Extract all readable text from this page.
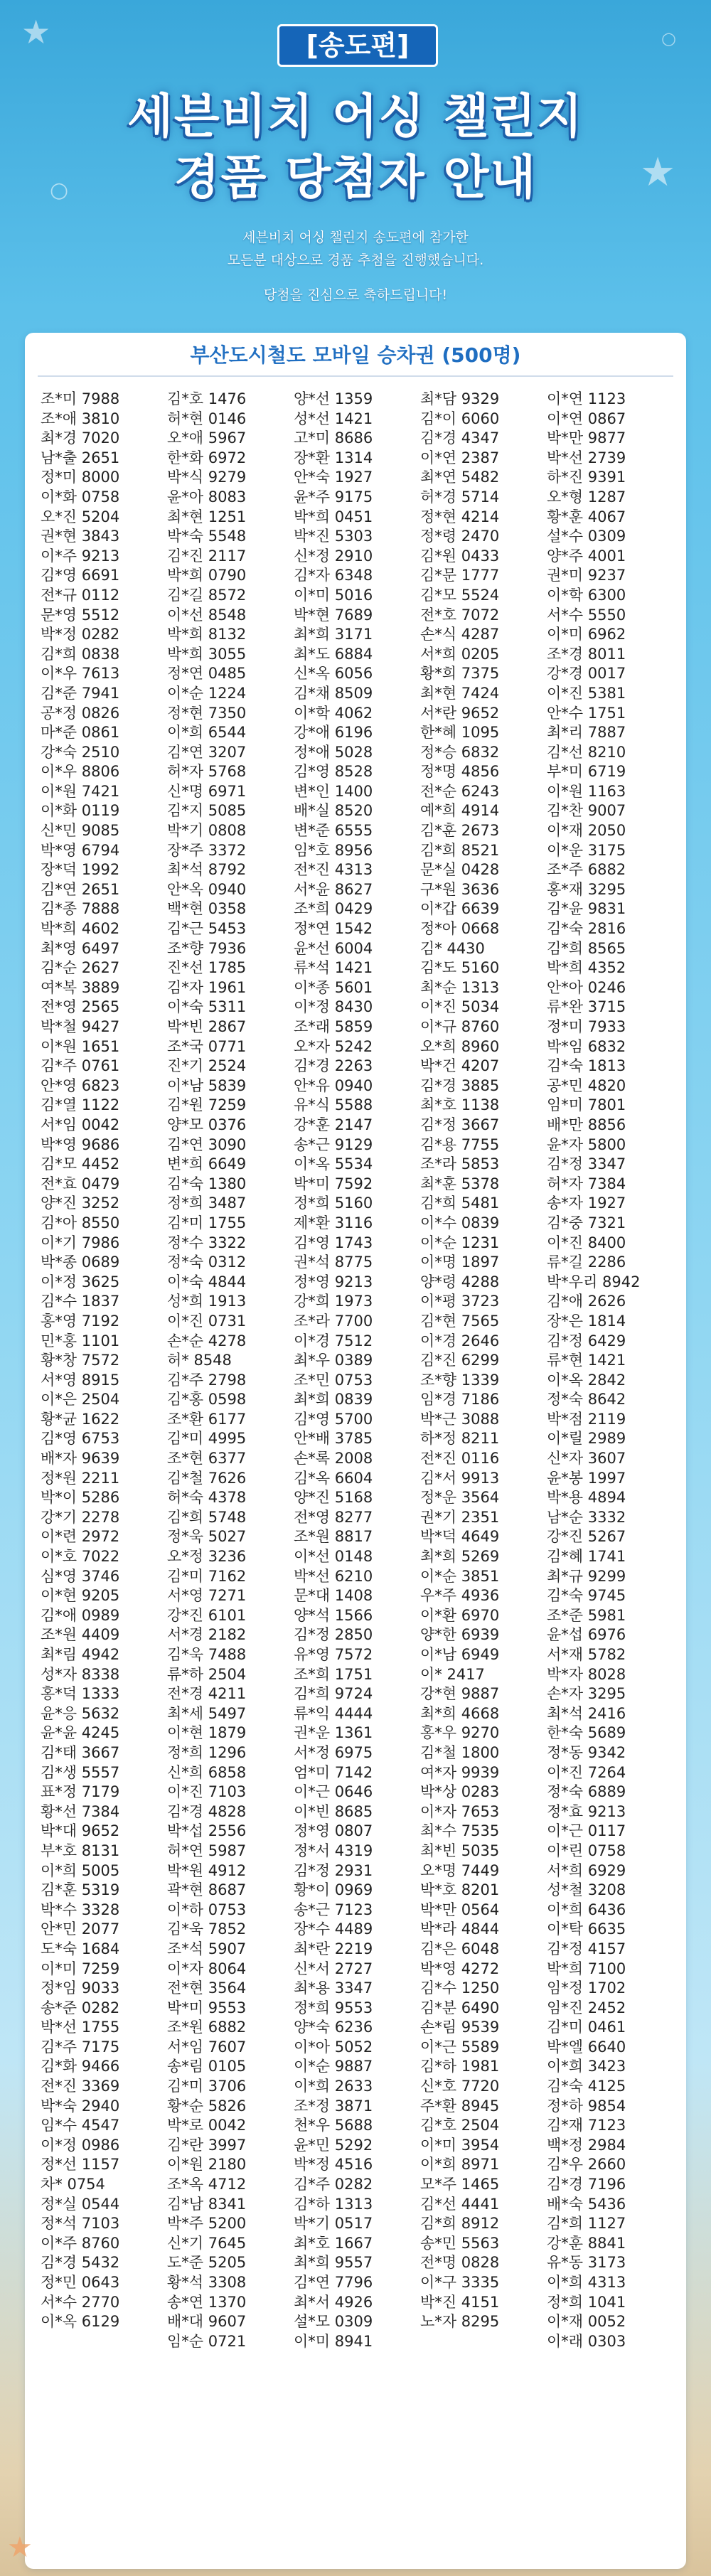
★
★
○
○
[송도편]
세븐비치 어싱 챌린지
경품 당첨자 안내
세븐비치 어싱 챌린지 송도편에 참가한
모든분 대상으로 경품 추첨을 진행했습니다.
당첨을 진심으로 축하드립니다!
부산도시철도 모바일 승차권 (500명)
조*미 7988
조*애 3810
최*경 7020
남*출 2651
정*미 8000
이*화 0758
오*진 5204
권*현 3843
이*주 9213
김*영 6691
전*규 0112
문*영 5512
박*정 0282
김*희 0838
이*우 7613
김*준 7941
공*정 0826
마*준 0861
강*숙 2510
이*우 8806
이*원 7421
이*화 0119
신*민 9085
박*영 6794
장*덕 1992
김*연 2651
김*종 7888
박*희 4602
최*영 6497
김*순 2627
여*복 3889
전*영 2565
박*철 9427
이*원 1651
김*주 0761
안*영 6823
김*열 1122
서*임 0042
박*영 9686
김*모 4452
전*효 0479
양*진 3252
김*아 8550
이*기 7986
박*종 0689
이*정 3625
김*수 1837
홍*영 7192
민*홍 1101
황*창 7572
서*영 8915
이*은 2504
황*균 1622
김*영 6753
배*자 9639
정*원 2211
박*이 5286
강*기 2278
이*련 2972
이*호 7022
심*영 3746
이*현 9205
김*애 0989
조*원 4409
최*림 4942
성*자 8338
홍*덕 1333
윤*응 5632
윤*윤 4245
김*태 3667
김*생 5557
표*정 7179
황*선 7384
박*대 9652
부*호 8131
이*희 5005
김*훈 5319
박*수 3328
안*민 2077
도*숙 1684
이*미 7259
정*임 9033
송*준 0282
박*선 1755
김*주 7175
김*화 9466
전*진 3369
박*숙 2940
임*수 4547
이*정 0986
정*선 1157
차* 0754
정*실 0544
정*석 7103
이*주 8760
김*경 5432
정*민 0643
서*수 2770
이*옥 6129
김*호 1476
허*현 0146
오*애 5967
한*화 6972
박*식 9279
윤*아 8083
최*현 1251
박*숙 5548
김*진 2117
박*희 0790
김*길 8572
이*선 8548
박*희 8132
박*희 3055
정*연 0485
이*순 1224
정*현 7350
이*희 6544
김*연 3207
허*자 5768
신*명 6971
김*지 5085
박*기 0808
장*주 3372
최*석 8792
안*옥 0940
백*현 0358
김*근 5453
조*향 7936
진*선 1785
김*자 1961
이*숙 5311
박*빈 2867
조*국 0771
진*기 2524
이*남 5839
김*원 7259
양*모 0376
김*연 3090
변*희 6649
김*숙 1380
정*희 3487
김*미 1755
정*수 3322
정*숙 0312
이*숙 4844
성*희 1913
이*진 0731
손*순 4278
허* 8548
김*주 2798
김*홍 0598
조*환 6177
김*미 4995
조*현 6377
김*철 7626
허*숙 4378
김*희 5748
정*욱 5027
오*정 3236
김*미 7162
서*영 7271
강*진 6101
서*경 2182
김*욱 7488
류*하 2504
전*경 4211
최*세 5497
이*현 1879
정*희 1296
신*희 6858
이*진 7103
김*경 4828
박*섭 2556
허*연 5987
박*원 4912
곽*현 8687
이*하 0753
김*욱 7852
조*석 5907
이*자 8064
전*현 3564
박*미 9553
조*원 6882
서*임 7607
송*림 0105
김*미 3706
황*순 5826
박*로 0042
김*란 3997
이*원 2180
조*옥 4712
김*남 8341
박*주 5200
신*기 7645
도*준 5205
황*석 3308
송*연 1370
배*대 9607
임*순 0721
양*선 1359
성*선 1421
고*미 8686
장*환 1314
안*숙 1927
윤*주 9175
박*희 0451
박*진 5303
신*정 2910
김*자 6348
이*미 5016
박*현 7689
최*희 3171
최*도 6884
신*옥 6056
김*채 8509
이*학 4062
강*애 6196
정*애 5028
김*영 8528
변*인 1400
배*실 8520
변*준 6555
임*호 8956
전*진 4313
서*윤 8627
조*희 0429
정*연 1542
윤*선 6004
류*석 1421
이*종 5601
이*정 8430
조*래 5859
오*자 5242
김*경 2263
안*유 0940
유*식 5588
강*훈 2147
송*근 9129
이*옥 5534
박*미 7592
정*희 5160
제*환 3116
김*영 1743
권*석 8775
정*영 9213
강*희 1973
조*라 7700
이*경 7512
최*우 0389
조*민 0753
최*희 0839
김*영 5700
안*배 3785
손*록 2008
김*옥 6604
양*진 5168
전*영 8277
조*원 8817
이*선 0148
박*선 6210
문*대 1408
양*석 1566
김*정 2850
유*영 7572
조*희 1751
김*희 9724
류*익 4444
권*운 1361
서*정 6975
엄*미 7142
이*근 0646
이*빈 8685
정*영 0807
정*서 4319
김*정 2931
황*이 0969
송*근 7123
장*수 4489
최*란 2219
신*서 2727
최*용 3347
정*희 9553
양*숙 6236
이*아 5052
이*순 9887
이*희 2633
조*정 3871
천*우 5688
윤*민 5292
박*정 4516
김*주 0282
김*하 1313
박*기 0517
최*호 1667
최*희 9557
김*연 7796
최*서 4926
설*모 0309
이*미 8941
최*담 9329
김*이 6060
김*경 4347
이*연 2387
최*연 5482
허*경 5714
정*현 4214
정*령 2470
김*원 0433
김*문 1777
김*모 5524
전*호 7072
손*식 4287
서*희 0205
황*희 7375
최*현 7424
서*란 9652
한*혜 1095
정*승 6832
정*명 4856
전*순 6243
예*희 4914
김*훈 2673
김*희 8521
문*실 0428
구*원 3636
이*갑 6639
정*아 0668
김* 4430
김*도 5160
최*순 1313
이*진 5034
이*규 8760
오*희 8960
박*건 4207
김*경 3885
최*호 1138
김*정 3667
김*용 7755
조*라 5853
최*훈 5378
김*희 5481
이*수 0839
이*순 1231
이*명 1897
양*령 4288
이*평 3723
김*현 7565
이*경 2646
김*진 6299
조*향 1339
임*경 7186
박*근 3088
하*정 8211
전*진 0116
김*서 9913
정*운 3564
권*기 2351
박*덕 4649
최*희 5269
이*순 3851
우*주 4936
이*환 6970
양*한 6939
이*남 6949
이* 2417
강*현 9887
최*희 4668
홍*우 9270
김*철 1800
여*자 9939
박*상 0283
이*자 7653
최*수 7535
최*빈 5035
오*명 7449
박*호 8201
박*만 0564
박*라 4844
김*은 6048
박*영 4272
김*수 1250
김*분 6490
손*림 9539
이*근 5589
김*하 1981
신*호 7720
주*환 8945
김*호 2504
이*미 3954
이*희 8971
모*주 1465
김*선 4441
김*희 8912
송*민 5563
전*명 0828
이*구 3335
박*진 4151
노*자 8295
이*연 1123
이*연 0867
박*만 9877
박*선 2739
하*진 9391
오*형 1287
황*훈 4067
설*수 0309
양*주 4001
권*미 9237
이*학 6300
서*수 5550
이*미 6962
조*경 8011
강*경 0017
이*진 5381
안*수 1751
최*리 7887
김*선 8210
부*미 6719
이*원 1163
김*찬 9007
이*재 2050
이*운 3175
조*주 6882
홍*재 3295
김*윤 9831
김*숙 2816
김*희 8565
박*희 4352
안*아 0246
류*완 3715
정*미 7933
박*임 6832
김*숙 1813
공*민 4820
임*미 7801
배*만 8856
윤*자 5800
김*정 3347
허*자 7384
송*자 1927
김*중 7321
이*진 8400
류*길 2286
박*우리 8942
김*애 2626
장*은 1814
김*정 6429
류*현 1421
이*옥 2842
정*숙 8642
박*점 2119
이*릴 2989
신*자 3607
윤*봉 1997
박*용 4894
남*순 3332
강*진 5267
김*혜 1741
최*규 9299
김*숙 9745
조*준 5981
윤*섭 6976
서*재 5782
박*자 8028
손*자 3295
최*석 2416
한*숙 5689
정*동 9342
이*진 7264
정*숙 6889
정*효 9213
이*근 0117
이*린 0758
서*희 6929
성*철 3208
이*희 6436
이*탁 6635
김*정 4157
박*희 7100
임*정 1702
임*진 2452
김*미 0461
박*엘 6640
이*희 3423
김*숙 4125
정*하 9854
김*재 7123
백*정 2984
김*우 2660
김*경 7196
배*숙 5436
김*희 1127
강*훈 8841
유*동 3173
이*희 4313
정*희 1041
이*재 0052
이*래 0303
★
